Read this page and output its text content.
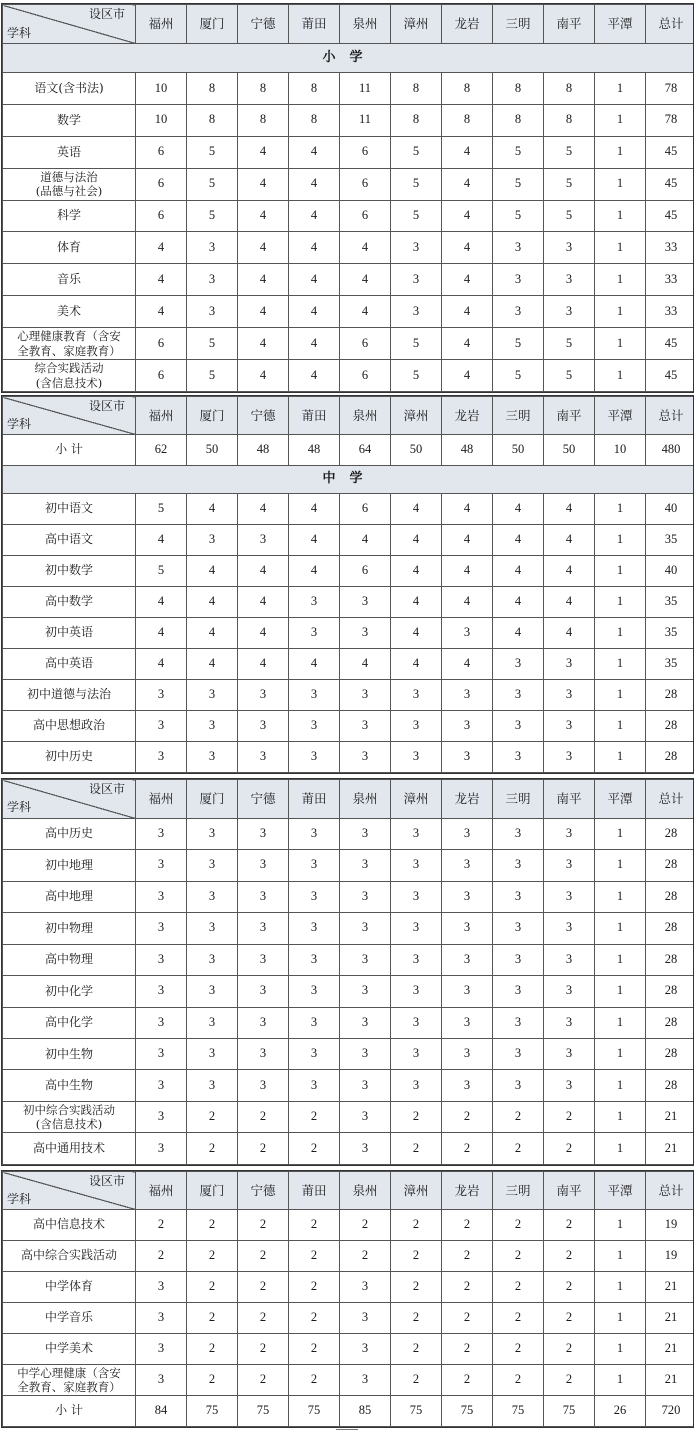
设区市
学科	福州	厦门	宁德	莆田	泉州	漳州	龙岩	三明	南平	平潭	总计
小学											
语文(含书法)	10	8	8	8	11	8	8	8	8	1	78
数学	10	8	8	8	11	8	8	8	8	1	78
英语	6	5	4	4	6	5	4	5	5	1	45
道德与法治
(品德与社会)	6	5	4	4	6	5	4	5	5	1	45
科学	6	5	4	4	6	5	4	5	5	1	45
体育	4	3	4	4	4	3	4	3	3	1	33
音乐	4	3	4	4	4	3	4	3	3	1	33
美术	4	3	4	4	4	3	4	3	3	1	33
心理健康教育（含安
全教育、家庭教育）	6	5	4	4	6	5	4	5	5	1	45
综合实践活动
(含信息技术)	6	5	4	4	6	5	4	5	5	1	45
设区市
学科	福州	厦门	宁德	莆田	泉州	漳州	龙岩	三明	南平	平潭	总计
小 计	62	50	48	48	64	50	48	50	50	10	480
中学											
初中语文	5	4	4	4	6	4	4	4	4	1	40
高中语文	4	3	3	4	4	4	4	4	4	1	35
初中数学	5	4	4	4	6	4	4	4	4	1	40
高中数学	4	4	4	3	3	4	4	4	4	1	35
初中英语	4	4	4	3	3	4	3	4	4	1	35
高中英语	4	4	4	4	4	4	4	3	3	1	35
初中道德与法治	3	3	3	3	3	3	3	3	3	1	28
高中思想政治	3	3	3	3	3	3	3	3	3	1	28
初中历史	3	3	3	3	3	3	3	3	3	1	28
设区市
学科	福州	厦门	宁德	莆田	泉州	漳州	龙岩	三明	南平	平潭	总计
高中历史	3	3	3	3	3	3	3	3	3	1	28
初中地理	3	3	3	3	3	3	3	3	3	1	28
高中地理	3	3	3	3	3	3	3	3	3	1	28
初中物理	3	3	3	3	3	3	3	3	3	1	28
高中物理	3	3	3	3	3	3	3	3	3	1	28
初中化学	3	3	3	3	3	3	3	3	3	1	28
高中化学	3	3	3	3	3	3	3	3	3	1	28
初中生物	3	3	3	3	3	3	3	3	3	1	28
高中生物	3	3	3	3	3	3	3	3	3	1	28
初中综合实践活动
(含信息技术)	3	2	2	2	3	2	2	2	2	1	21
高中通用技术	3	2	2	2	3	2	2	2	2	1	21
设区市
学科	福州	厦门	宁德	莆田	泉州	漳州	龙岩	三明	南平	平潭	总计
高中信息技术	2	2	2	2	2	2	2	2	2	1	19
高中综合实践活动	2	2	2	2	2	2	2	2	2	1	19
中学体育	3	2	2	2	3	2	2	2	2	1	21
中学音乐	3	2	2	2	3	2	2	2	2	1	21
中学美术	3	2	2	2	3	2	2	2	2	1	21
中学心理健康（含安
全教育、家庭教育）	3	2	2	2	3	2	2	2	2	1	21
小 计	84	75	75	75	85	75	75	75	75	26	720
